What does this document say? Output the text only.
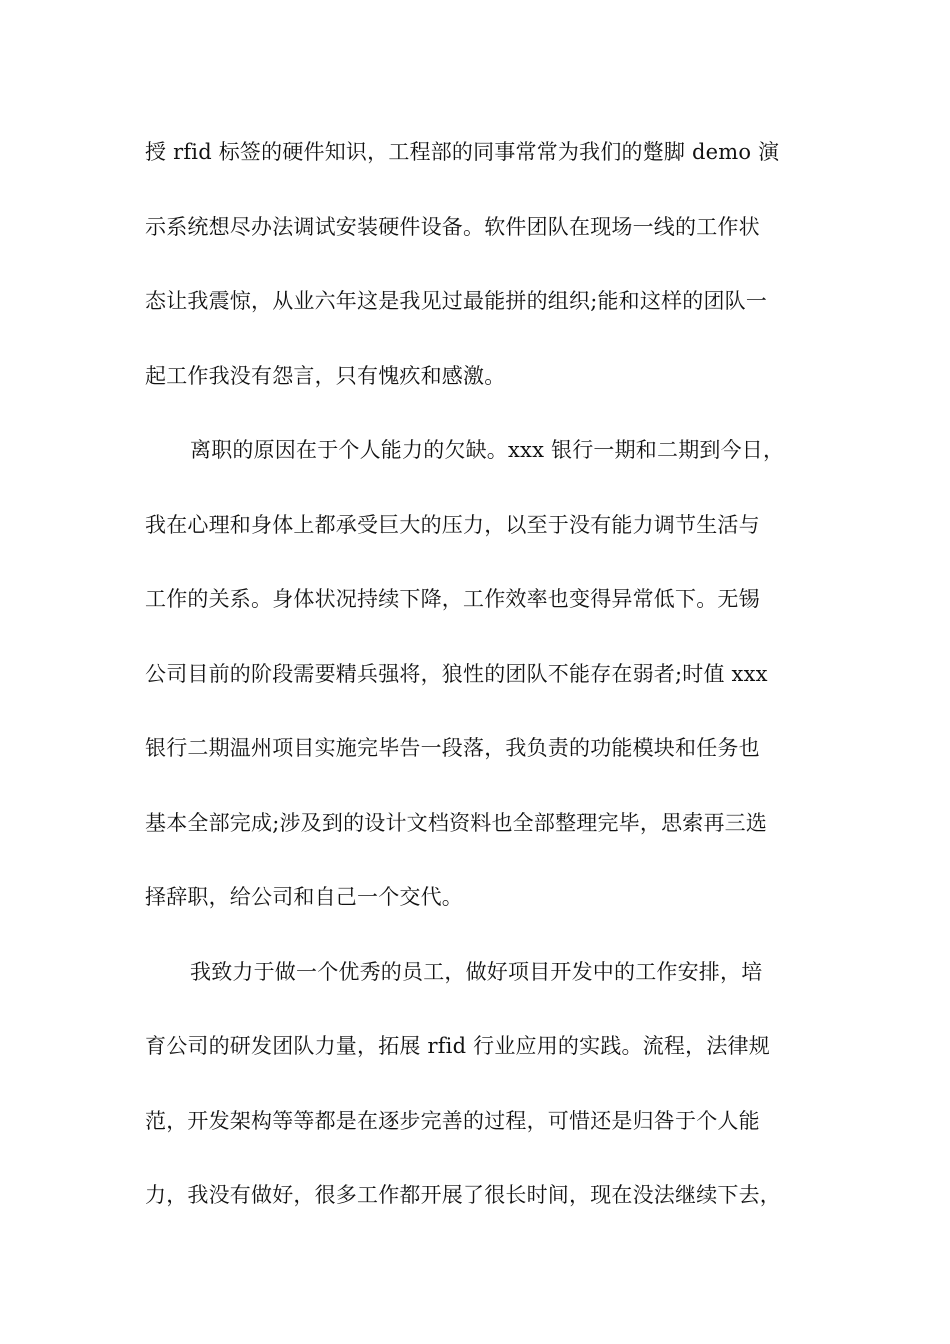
授 rfid 标签的硬件知识，工程部的同事常常为我们的蹩脚 demo 演
示系统想尽办法调试安装硬件设备。软件团队在现场一线的工作状
态让我震惊，从业六年这是我见过最能拼的组织;能和这样的团队一
起工作我没有怨言，只有愧疚和感激。
离职的原因在于个人能力的欠缺。xxx 银行一期和二期到今日，
我在心理和身体上都承受巨大的压力，以至于没有能力调节生活与
工作的关系。身体状况持续下降，工作效率也变得异常低下。无锡
公司目前的阶段需要精兵强将，狼性的团队不能存在弱者;时值 xxx
银行二期温州项目实施完毕告一段落，我负责的功能模块和任务也
基本全部完成;涉及到的设计文档资料也全部整理完毕，思索再三选
择辞职，给公司和自己一个交代。
我致力于做一个优秀的员工，做好项目开发中的工作安排，培
育公司的研发团队力量，拓展 rfid 行业应用的实践。流程，法律规
范，开发架构等等都是在逐步完善的过程，可惜还是归咎于个人能
力，我没有做好，很多工作都开展了很长时间，现在没法继续下去，
